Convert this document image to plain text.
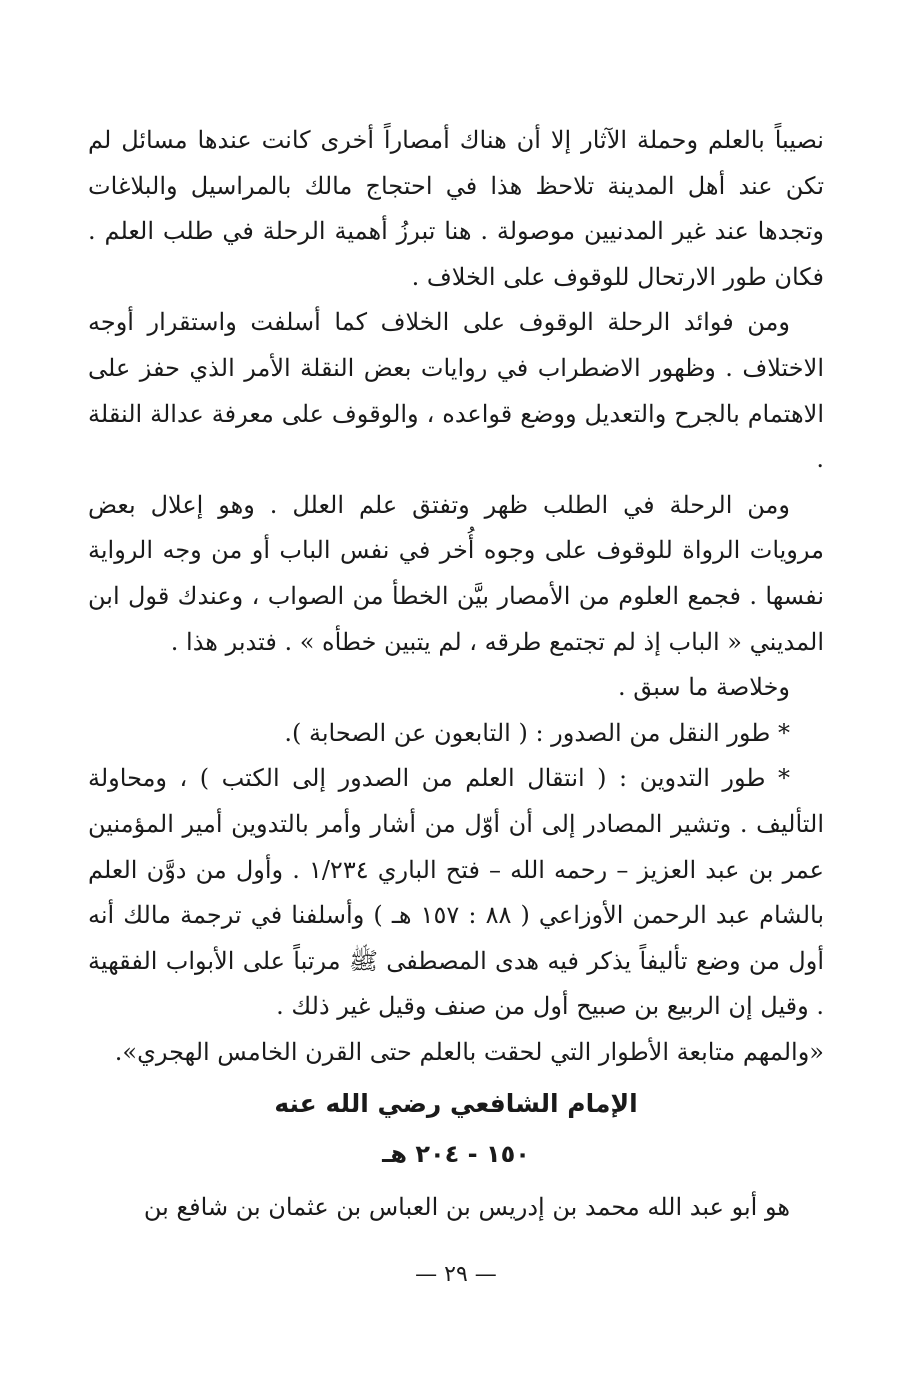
نصيباً بالعلم وحملة الآثار إلا أن هناك أمصاراً أخرى كانت عندها مسائل لم تكن عند أهل المدينة تلاحظ هذا في احتجاج مالك بالمراسيل والبلاغات وتجدها عند غير المدنيين موصولة . هنا تبرزُ أهمية الرحلة في طلب العلم . فكان طور الارتحال للوقوف على الخلاف .

ومن فوائد الرحلة الوقوف على الخلاف كما أسلفت واستقرار أوجه الاختلاف . وظهور الاضطراب في روايات بعض النقلة الأمر الذي حفز على الاهتمام بالجرح والتعديل ووضع قواعده ، والوقوف على معرفة عدالة النقلة .

ومن الرحلة في الطلب ظهر وتفتق علم العلل . وهو إعلال بعض مرويات الرواة للوقوف على وجوه أُخر في نفس الباب أو من وجه الرواية نفسها . فجمع العلوم من الأمصار بيَّن الخطأ من الصواب ، وعندك قول ابن المديني « الباب إذ لم تجتمع طرقه ، لم يتبين خطأه » . فتدبر هذا .

وخلاصة ما سبق .

* طور النقل من الصدور : ( التابعون عن الصحابة ).

* طور التدوين : ( انتقال العلم من الصدور إلى الكتب ) ، ومحاولة التأليف . وتشير المصادر إلى أن أوّل من أشار وأمر بالتدوين أمير المؤمنين عمر بن عبد العزيز – رحمه الله – فتح الباري ١/٢٣٤ . وأول من دوَّن العلم بالشام عبد الرحمن الأوزاعي ( ٨٨ : ١٥٧ هـ ) وأسلفنا في ترجمة مالك أنه أول من وضع تأليفاً يذكر فيه هدى المصطفى ﷺ مرتباً على الأبواب الفقهية . وقيل إن الربيع بن صبيح أول من صنف وقيل غير ذلك .

«والمهم متابعة الأطوار التي لحقت بالعلم حتى القرن الخامس الهجري».

الإمام الشافعي رضي الله عنه

١٥٠ - ٢٠٤ هـ

هو أبو عبد الله محمد بن إدريس بن العباس بن عثمان بن شافع بن

— ٢٩ —
